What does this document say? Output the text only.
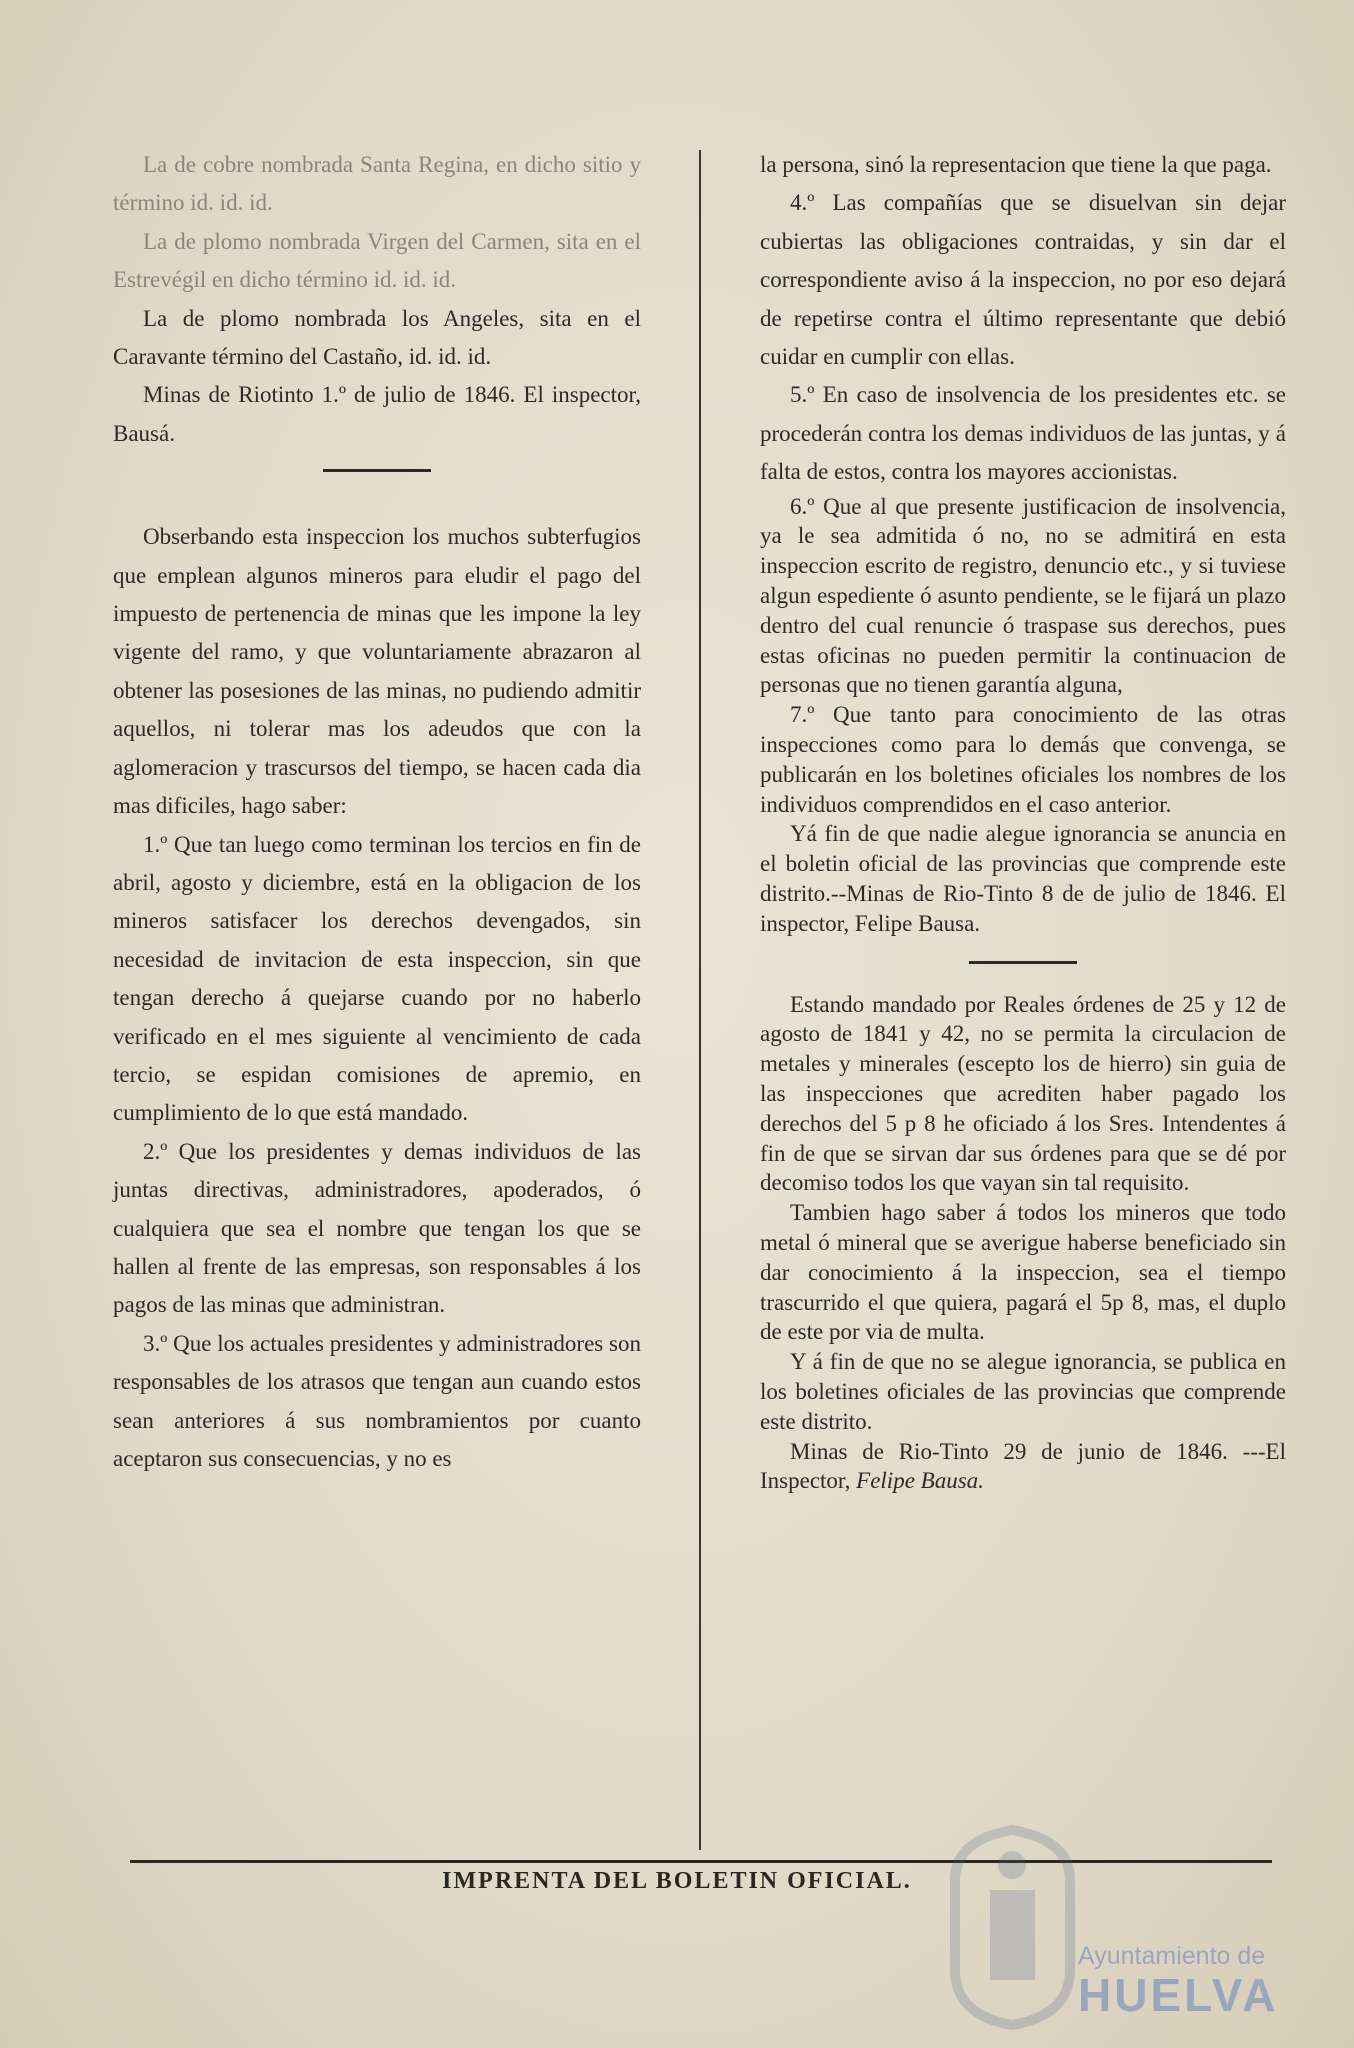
La de cobre nombrada Santa Regina, en dicho sitio y término id. id. id.

La de plomo nombrada Virgen del Carmen, sita en el Estrevégil en dicho término id. id. id.

La de plomo nombrada los Angeles, sita en el Caravante término del Castaño, id. id. id.

Minas de Riotinto 1.º de julio de 1846. El inspector, Bausá.

Obserbando esta inspeccion los muchos subterfugios que emplean algunos mineros para eludir el pago del impuesto de pertenencia de minas que les impone la ley vigente del ramo, y que voluntariamente abrazaron al obtener las posesiones de las minas, no pudiendo admitir aquellos, ni tolerar mas los adeudos que con la aglomeracion y trascursos del tiempo, se hacen cada dia mas dificiles, hago saber:

1.º Que tan luego como terminan los tercios en fin de abril, agosto y diciembre, está en la obligacion de los mineros satisfacer los derechos devengados, sin necesidad de invitacion de esta inspeccion, sin que tengan derecho á quejarse cuando por no haberlo verificado en el mes siguiente al vencimiento de cada tercio, se espidan comisiones de apremio, en cumplimiento de lo que está mandado.

2.º Que los presidentes y demas individuos de las juntas directivas, administradores, apoderados, ó cualquiera que sea el nombre que tengan los que se hallen al frente de las empresas, son responsables á los pagos de las minas que administran.

3.º Que los actuales presidentes y administradores son responsables de los atrasos que tengan aun cuando estos sean anteriores á sus nombramientos por cuanto aceptaron sus consecuencias, y no es

la persona, sinó la representacion que tiene la que paga.

4.º Las compañías que se disuelvan sin dejar cubiertas las obligaciones contraidas, y sin dar el correspondiente aviso á la inspeccion, no por eso dejará de repetirse contra el último representante que debió cuidar en cumplir con ellas.

5.º En caso de insolvencia de los presidentes etc. se procederán contra los demas individuos de las juntas, y á falta de estos, contra los mayores accionistas.

6.º Que al que presente justificacion de insolvencia, ya le sea admitida ó no, no se admitirá en esta inspeccion escrito de registro, denuncio etc., y si tuviese algun espediente ó asunto pendiente, se le fijará un plazo dentro del cual renuncie ó traspase sus derechos, pues estas oficinas no pueden permitir la continuacion de personas que no tienen garantía alguna,

7.º Que tanto para conocimiento de las otras inspecciones como para lo demás que convenga, se publicarán en los boletines oficiales los nombres de los individuos comprendidos en el caso anterior.

Yá fin de que nadie alegue ignorancia se anuncia en el boletin oficial de las provincias que comprende este distrito.--Minas de Rio-Tinto 8 de de julio de 1846. El inspector, Felipe Bausa.

Estando mandado por Reales órdenes de 25 y 12 de agosto de 1841 y 42, no se permita la circulacion de metales y minerales (escepto los de hierro) sin guia de las inspecciones que acrediten haber pagado los derechos del 5 p 8 he oficiado á los Sres. Intendentes á fin de que se sirvan dar sus órdenes para que se dé por decomiso todos los que vayan sin tal requisito.

Tambien hago saber á todos los mineros que todo metal ó mineral que se averigue haberse beneficiado sin dar conocimiento á la inspeccion, sea el tiempo trascurrido el que quiera, pagará el 5p 8, mas, el duplo de este por via de multa.

Y á fin de que no se alegue ignorancia, se publica en los boletines oficiales de las provincias que comprende este distrito.

Minas de Rio-Tinto 29 de junio de 1846. ---El Inspector, Felipe Bausa.

IMPRENTA DEL BOLETIN OFICIAL.
Ayuntamiento de
HUELVA
